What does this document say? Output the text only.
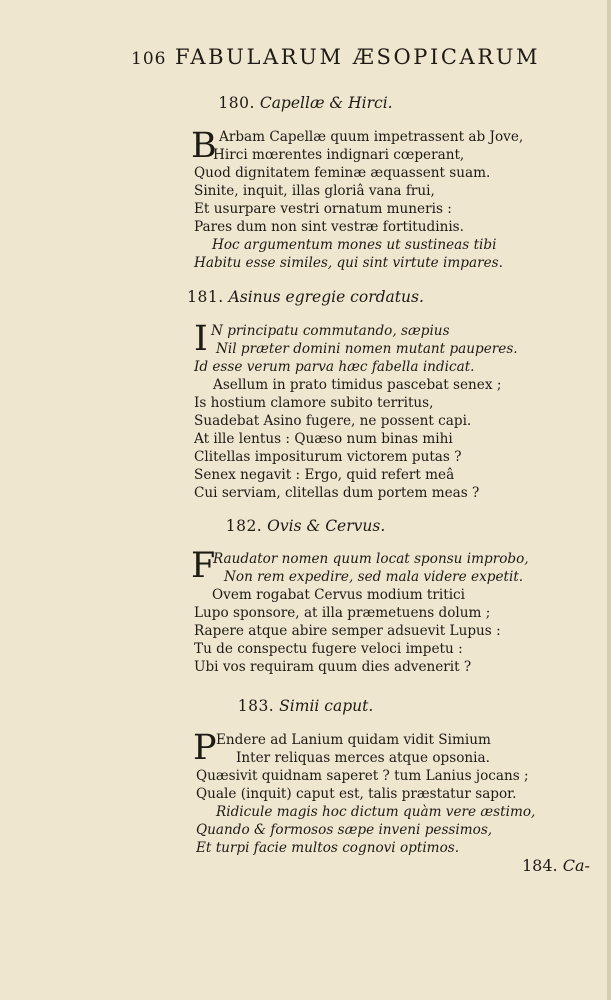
106 FABULARUM ÆSOPICARUM
180. Capellæ & Hirci.
B Arbam Capellæ quum impetrassent ab Jove,
Hirci mœrentes indignari cœperant,
Quod dignitatem feminæ æquassent suam.
Sinite, inquit, illas gloriâ vana frui,
Et usurpare vestri ornatum muneris :
Pares dum non sint vestræ fortitudinis.
Hoc argumentum mones ut sustineas tibi
Habitu esse similes, qui sint virtute impares.
181. Asinus egregie cordatus.
I N principatu commutando, sæpius
Nil præter domini nomen mutant pauperes.
Id esse verum parva hæc fabella indicat.
Asellum in prato timidus pascebat senex ;
Is hostium clamore subito territus,
Suadebat Asino fugere, ne possent capi.
At ille lentus : Quæso num binas mihi
Clitellas impositurum victorem putas ?
Senex negavit : Ergo, quid refert meâ
Cui serviam, clitellas dum portem meas ?
182. Ovis & Cervus.
F
Raudator nomen quum locat sponsu improbo,
Non rem expedire, sed mala videre expetit.
Ovem rogabat Cervus modium tritici
Lupo sponsore, at illa præmetuens dolum ;
Rapere atque abire semper adsuevit Lupus :
Tu de conspectu fugere veloci impetu :
Ubi vos requiram quum dies advenerit ?
183. Simii caput.
P Endere ad Lanium quidam vidit Simium
Inter reliquas merces atque opsonia.
Quæsivit quidnam saperet ? tum Lanius jocans ;
Quale (inquit) caput est, talis præstatur sapor.
Ridicule magis hoc dictum quàm vere æstimo,
Quando & formosos sæpe inveni pessimos,
Et turpi facie multos cognovi optimos.
184. Ca-
